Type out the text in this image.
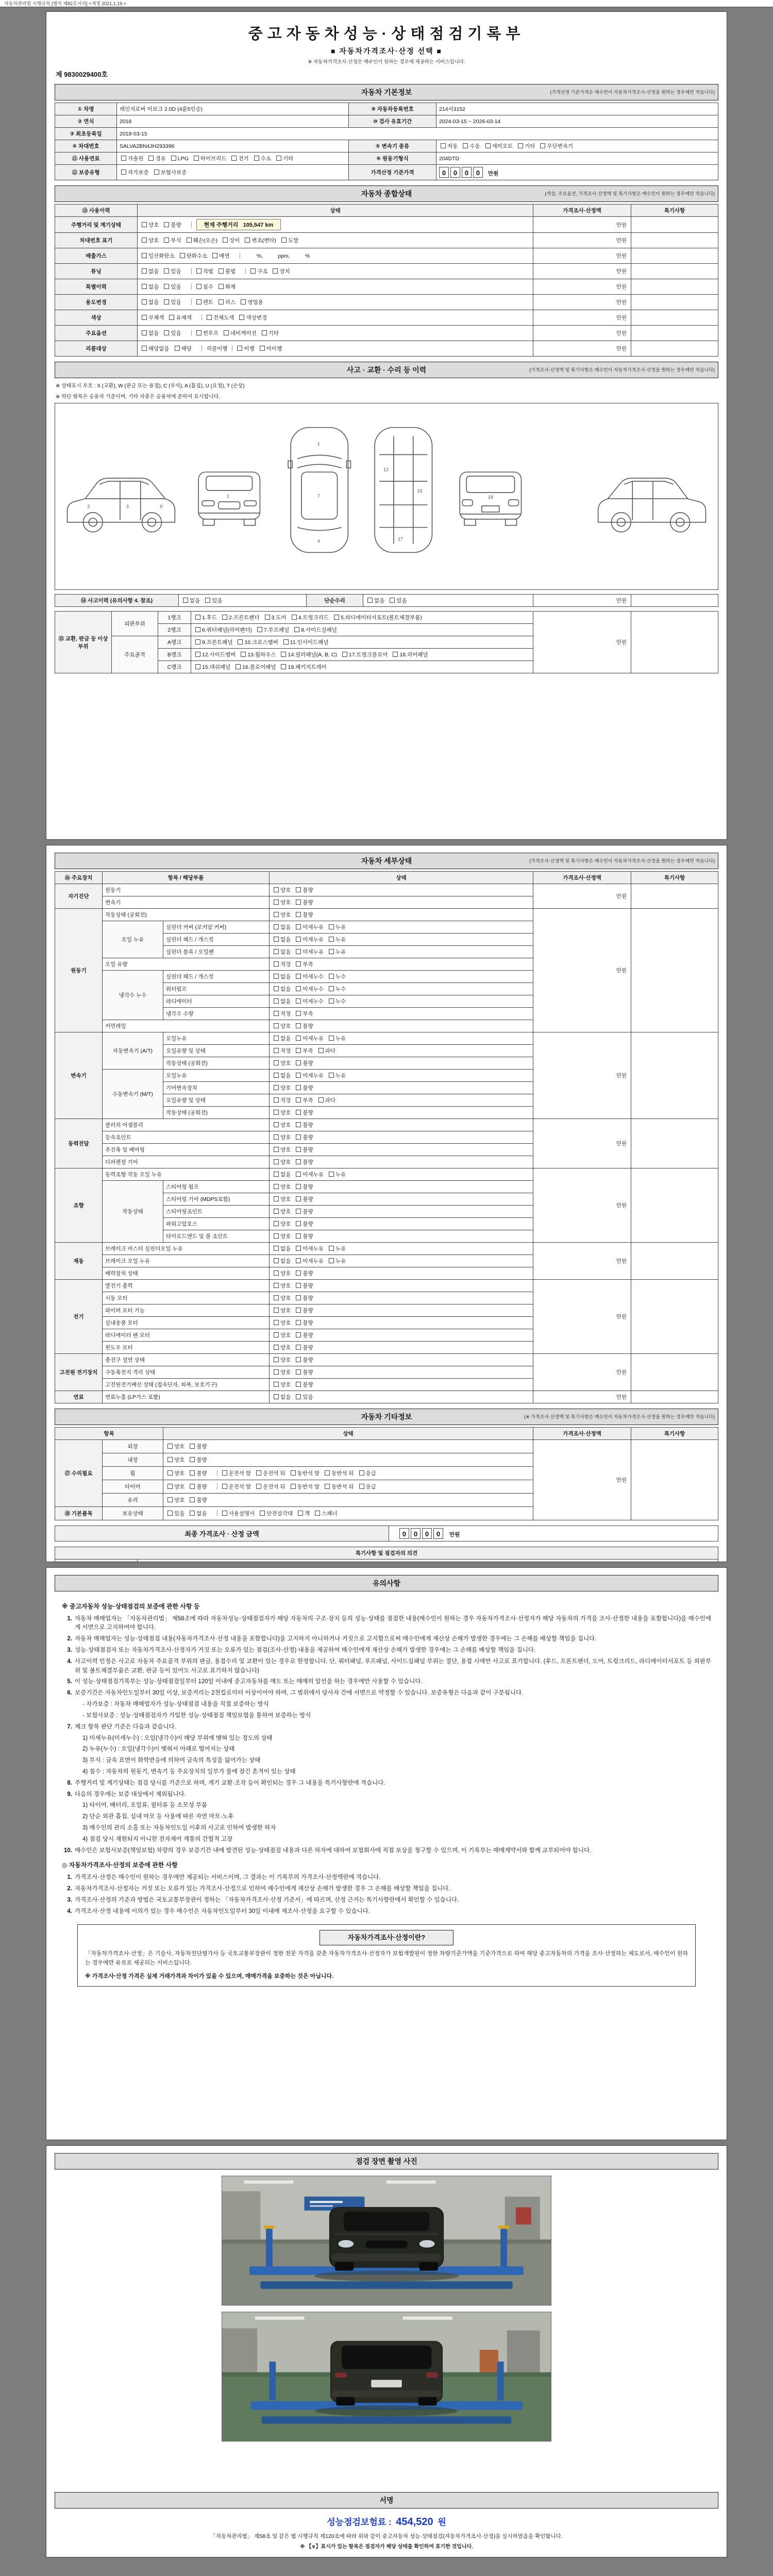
자동차관리법 시행규칙 [별지 제82호서식] <개정 2021.1.19.>
중고자동차성능·상태점검기록부
■ 자동차가격조사·산정 선택 ■
※ 자동차가격조사·산정은 매수인이 원하는 경우에 제공하는 서비스입니다.
제 9830029400호
자동차 기본정보	(가격산정 기준가격은 매수인이 자동차가격조사·산정을 원하는 경우에만 적습니다)
① 차명	레인지로버 이보크 2.0D (4륜5인승)	⑨ 자동차등록번호	214서3152
② 연식	2018	⑩ 검사 유효기간	2024-03-15 ~ 2026-03-14
③ 최초등록일	2018-03-15		
④ 차대번호	SALVA2BN4JH293396	⑤ 변속기 종류	자동 수동 세미오토 기타 무단변속기
⑪ 사용연료	가솔린 경유 LPG 하이브리드 전기 수소 기타	⑥ 원동기형식	204DTD
⑫ 보증유형	자가보증 보험사보증	가격산정 기준가격	0 0 0 0 만원
자동차 종합상태	(색상, 주요옵션, 가격조사·산정액 및 특기사항은 매수인이 원하는 경우에만 적습니다)
⑬ 사용이력	상태	가격조사·산정액	특기사항
주행거리 및 계기상태	양호 불량 현재 주행거리   105,547 km	만원	
차대번호 표기	양호 부식 훼손(오손) 상이 변조(변타) 도말	만원	
배출가스	일산화탄소 탄화수소 매연 %,          ppm,          %	만원	
튜닝	없음 있음 적법 불법 구조 장치	만원	
특별이력	없음 있음 침수 화재	만원	
용도변경	없음 있음 렌트 리스 영업용	만원	
색상	무채색 유채색 전체도색 색상변경	만원	
주요옵션	없음 있음 썬루프 네비게이션 기타	만원	
리콜대상	해당없음 해당 리콜이행 이행 미이행	만원	
사고 · 교환 · 수리 등 이력	(가격조사·산정액 및 특기사항은 매수인이 자동차가격조사·산정을 원하는 경우에만 적습니다)
※ 상태표시 부호 : X (교환), W (판금 또는 용접), C (부식), A (흠집), U (요철), T (손상)
※ 하단 항목은 승용차 기준이며, 기타 차종은 승용차에 준하여 표시합니다.
2	3	6
1
1
7
4
12
16
17
18
⑭ 사고이력 (유의사항 4. 참조)	없음 있음	단순수리	없음 있음	만원	
⑮ 교환, 판금 등 이상 부위	외판부위	1랭크	1.후드 2.프론트펜더 3.도어 4.트렁크리드 5.라디에이터서포트(볼트체결부품)	만원	
		2랭크	6.쿼터패널(리어펜더) 7.루프패널 8.사이드실패널		
	주요골격	A랭크	9.프론트패널 10.크로스멤버 11.인사이드패널		
		B랭크	12.사이드멤버 13.휠하우스 14.필러패널(A, B, C) 17.트렁크플로어 18.리어패널		
		C랭크	15.대쉬패널 16.플로어패널 19.패키지트레이		
자동차 세부상태	(가격조사·산정액 및 특기사항은 매수인이 자동차가격조사·산정을 원하는 경우에만 적습니다)
⑯ 주요장치	항목 / 해당부품		상태	가격조사·산정액	특기사항
자기진단	원동기		양호 불량	만원	
	변속기		양호 불량		
원동기	작동상태 (공회전)		양호 불량	만원	
	오일 누유	실린더 커버 (로커암 커버)	없음 미세누유 누유		
		실린더 헤드 / 개스킷	없음 미세누유 누유		
		실린더 블록 / 오일팬	없음 미세누유 누유		
	오일 유량		적정 부족		
	냉각수 누수	실린더 헤드 / 개스킷	없음 미세누수 누수		
		워터펌프	없음 미세누수 누수		
		라디에이터	없음 미세누수 누수		
		냉각수 수량	적정 부족		
	커먼레일		양호 불량		
변속기	자동변속기 (A/T)	오일누유	없음 미세누유 누유	만원	
		오일유량 및 상태	적정 부족 과다		
		작동상태 (공회전)	양호 불량		
	수동변속기 (M/T)	오일누유	없음 미세누유 누유		
		기어변속장치	양호 불량		
		오일유량 및 상태	적정 부족 과다		
		작동상태 (공회전)	양호 불량		
동력전달	클러치 어셈블리		양호 불량	만원	
	등속조인트		양호 불량		
	추진축 및 베어링		양호 불량		
	디퍼렌셜 기어		양호 불량		
조향	동력조향 작동 오일 누유		없음 미세누유 누유	만원	
	작동상태	스티어링 펌프	양호 불량		
		스티어링 기어 (MDPS포함)	양호 불량		
		스티어링조인트	양호 불량		
		파워고압호스	양호 불량		
		타이로드엔드 및 볼 조인트	양호 불량		
제동	브레이크 마스터 실린더오일 누유		없음 미세누유 누유	만원	
	브레이크 오일 누유		없음 미세누유 누유		
	배력장치 상태		양호 불량		
전기	발전기 출력		양호 불량	만원	
	시동 모터		양호 불량		
	와이퍼 모터 기능		양호 불량		
	실내송풍 모터		양호 불량		
	라디에이터 팬 모터		양호 불량		
	윈도우 모터		양호 불량		
고전원 전기장치	충전구 절연 상태		양호 불량	만원	
	구동축전지 격리 상태		양호 불량		
	고전원전기배선 상태 (접속단자, 피복, 보호기구)		양호 불량		
연료	연료누출 (LP가스 포함)		없음 있음	만원	
자동차 기타정보	(※ 가격조사·산정액 및 특기사항은 매수인이 자동차가격조사·산정을 원하는 경우에만 적습니다)
항목		상태	가격조사·산정액	특기사항
⑰ 수리필요	외장	양호 불량	만원	
	내장	양호 불량		
	휠	양호 불량 운전석 앞 운전석 뒤 동반석 앞 동반석 뒤 응급		
	타이어	양호 불량 운전석 앞 운전석 뒤 동반석 앞 동반석 뒤 응급		
	유리	양호 불량		
⑱ 기본품목	보유상태	있음 없음 사용설명서 안전삼각대 잭 스패너		
최종 가격조사 · 산정 금액	0 0 0 0 만원
특기사항 및 점검자의 의견	

유의사항
※ 중고자동차 성능·상태점검의 보증에 관한 사항 등
1. 자동차 매매업자는 「자동차관리법」 제58조에 따라 자동차성능·상태점검자가 해당 자동차의 구조·장치 등의 성능·상태를 점검한 내용(매수인이 원하는 경우 자동차가격조사·산정자가 해당 자동차의 가격을 조사·산정한 내용을 포함합니다)을 매수인에게 서면으로 고지하여야 합니다.
2. 자동차 매매업자는 성능·상태점검 내용(자동차가격조사·산정 내용을 포함합니다)을 고지하지 아니하거나 거짓으로 고지함으로써 매수인에게 재산상 손해가 발생한 경우에는 그 손해를 배상할 책임을 집니다.
3. 성능·상태점검자 또는 자동차가격조사·산정자가 거짓 또는 오류가 있는 점검(조사·산정) 내용을 제공하여 매수인에게 재산상 손해가 발생한 경우에는 그 손해를 배상할 책임을 집니다.
4. 사고이력 인정은 사고로 자동차 주요골격 부위의 판금, 용접수리 및 교환이 있는 경우로 한정합니다. 단, 쿼터패널, 루프패널, 사이드실패널 부위는 절단, 용접 시에만 사고로 표기합니다. (후드, 프론트펜더, 도어, 트렁크리드, 라디에이터서포트 등 외판부위 및 볼트체결부품은 교환, 판금 등이 있어도 사고로 표기하지 않습니다)
5. 이 성능·상태점검기록부는 성능·상태점검일부터 120일 이내에 중고자동차를 매도 또는 매매의 알선을 하는 경우에만 사용할 수 있습니다.
6. 보증기간은 자동차인도일부터 30일 이상, 보증거리는 2천킬로미터 이상이어야 하며, 그 범위에서 당사자 간에 서면으로 약정할 수 있습니다. 보증유형은 다음과 같이 구분됩니다.
- 자가보증 : 자동차 매매업자가 성능·상태점검 내용을 직접 보증하는 방식
- 보험사보증 : 성능·상태점검자가 가입한 성능·상태점검 책임보험을 통하여 보증하는 방식
7. 체크 항목 판단 기준은 다음과 같습니다.
1) 미세누유(미세누수) : 오일(냉각수)이 해당 부위에 맺혀 있는 정도의 상태
2) 누유(누수) : 오일(냉각수)이 맺혀서 아래로 떨어지는 상태
3) 부식 : 금속 표면이 화학반응에 의하여 금속의 특성을 잃어가는 상태
4) 침수 : 자동차의 원동기, 변속기 등 주요장치의 일부가 물에 잠긴 흔적이 있는 상태
8. 주행거리 및 계기상태는 점검 당시를 기준으로 하며, 계기 교환·조작 등이 확인되는 경우 그 내용을 특기사항란에 적습니다.
9. 다음의 경우에는 보증 대상에서 제외됩니다.
1) 타이어, 배터리, 오일류, 필터류 등 소모성 부품
2) 단순 외관 흠집, 실내 마모 등 사용에 따른 자연 마모·노후
3) 매수인의 관리 소홀 또는 자동차인도일 이후의 사고로 인하여 발생한 하자
4) 점검 당시 재현되지 아니한 전자제어 계통의 간헐적 고장
10. 매수인은 보험사보증(책임보험) 차량의 경우 보증기간 내에 발견된 성능·상태점검 내용과 다른 하자에 대하여 보험회사에 직접 보상을 청구할 수 있으며, 이 기록부는 매매계약서와 함께 교부되어야 합니다.
◎ 자동차가격조사·산정의 보증에 관한 사항
1. 가격조사·산정은 매수인이 원하는 경우에만 제공되는 서비스이며, 그 결과는 이 기록부의 가격조사·산정액란에 적습니다.
2. 자동차가격조사·산정자는 거짓 또는 오류가 있는 가격조사·산정으로 인하여 매수인에게 재산상 손해가 발생한 경우 그 손해를 배상할 책임을 집니다.
3. 가격조사·산정의 기준과 방법은 국토교통부장관이 정하는 「자동차가격조사·산정 기준서」에 따르며, 산정 근거는 특기사항란에서 확인할 수 있습니다.
4. 가격조사·산정 내용에 이의가 있는 경우 매수인은 자동차인도일부터 30일 이내에 재조사·산정을 요구할 수 있습니다.
자동차가격조사·산정이란?
「자동차가격조사·산정」은 기술사, 자동차진단평가사 등 국토교통부장관이 정한 전문 자격을 갖춘 자동차가격조사·산정자가 보험개발원이 정한 차량기준가액을 기준가격으로 하여 해당 중고자동차의 가격을 조사·산정하는 제도로서, 매수인이 원하는 경우에만 유료로 제공되는 서비스입니다.
※ 가격조사·산정 가격은 실제 거래가격과 차이가 있을 수 있으며, 매매가격을 보증하는 것은 아닙니다.
점검 장면 촬영 사진
서명
성능점검보험료 : 454,520 원
「자동차관리법」 제58조 및 같은 법 시행규칙 제120조에 따라 위와 같이 중고자동차 성능·상태점검(자동차가격조사·산정)을 실시하였음을 확인합니다.
※ 【∨】표시가 있는 항목은 점검자가 해당 상태를 확인하여 표기한 것입니다.
